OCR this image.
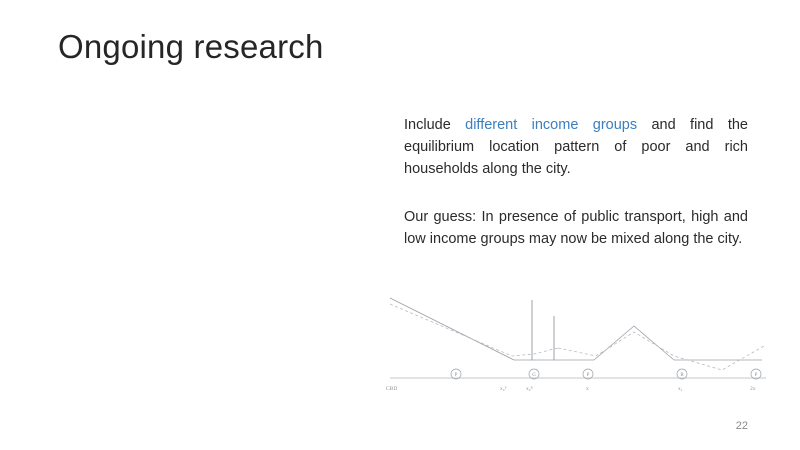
Ongoing research

Include different income groups and find the equilibrium location pattern of poor and rich households along the city.

Our guess: In presence of public transport, high and low income groups may now be mixed along the city.

P	G	P	R	P
CBD	x₀ᴾ	x₀ᴿ	x	x₁	2x
22
